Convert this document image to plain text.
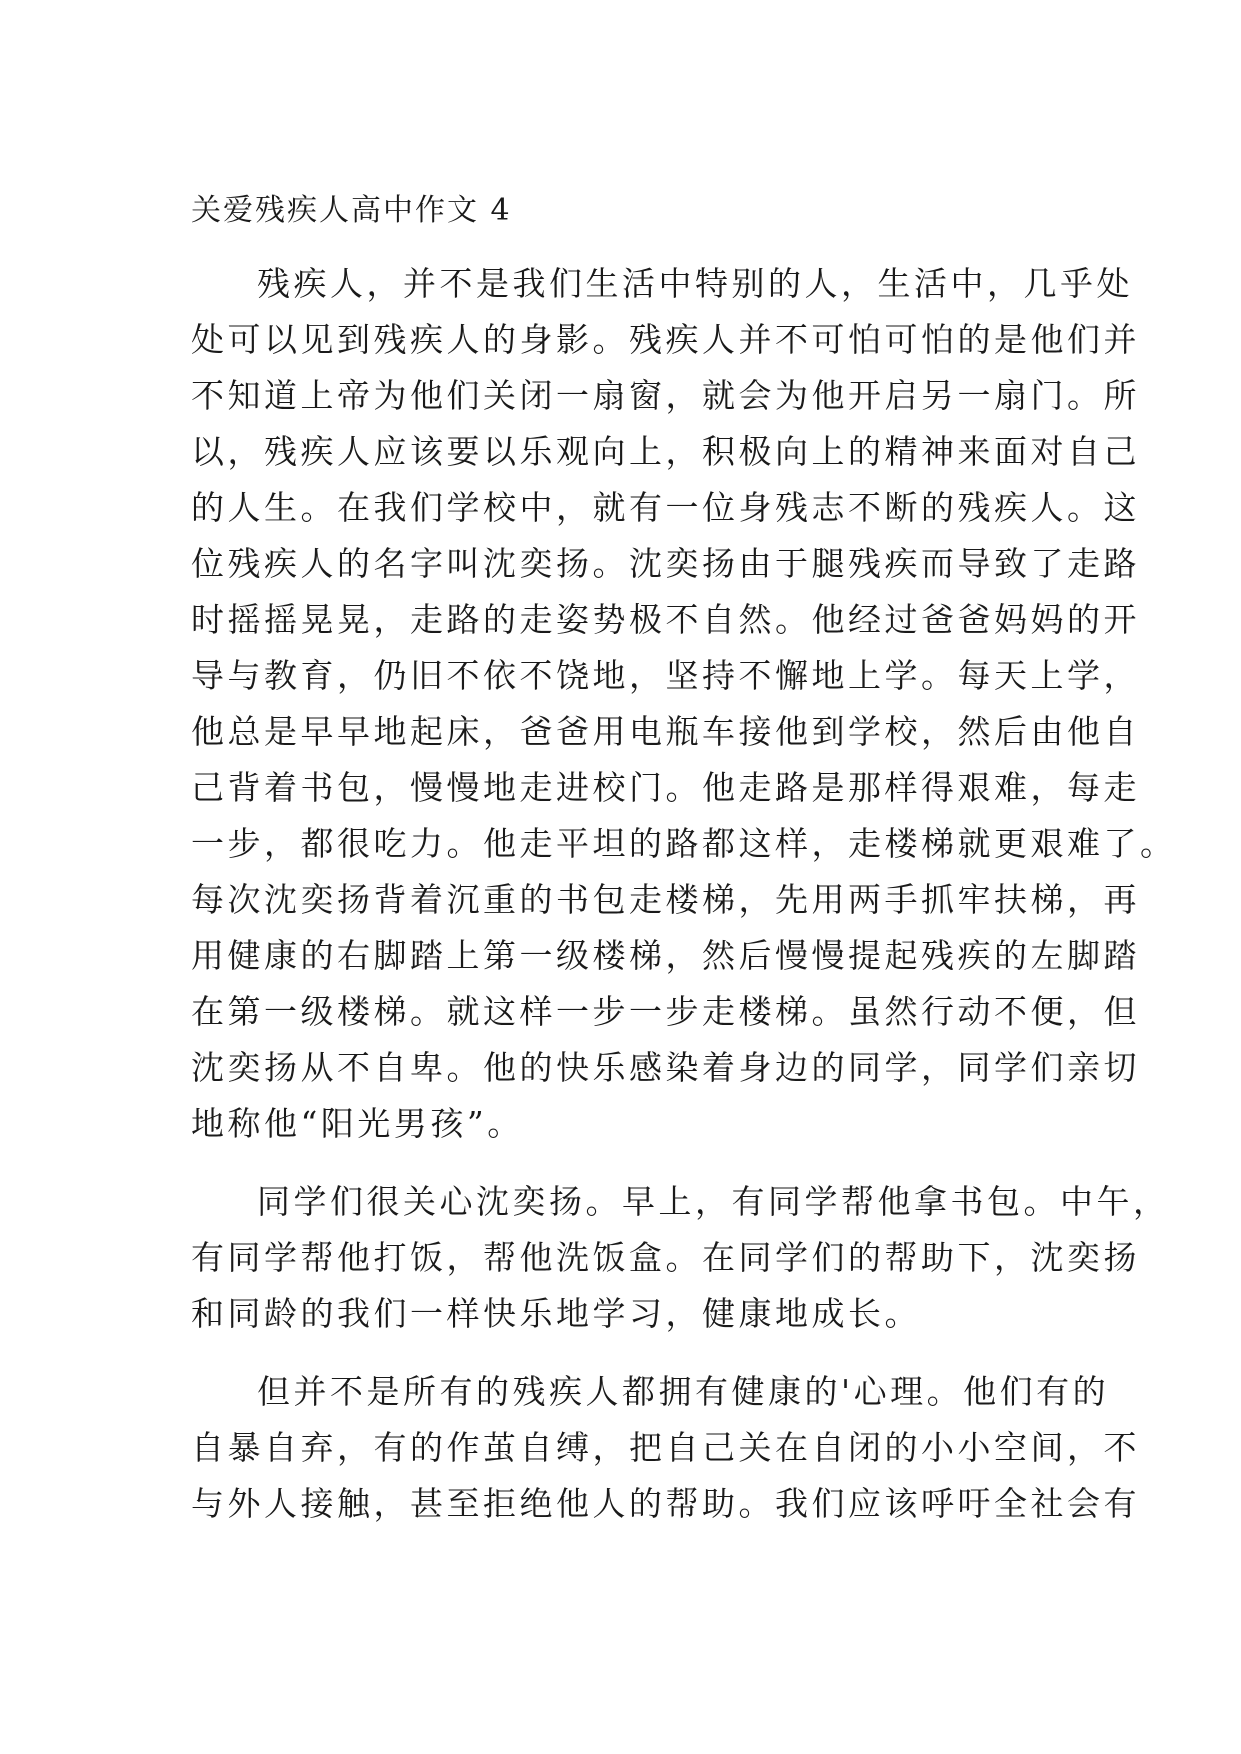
关爱残疾人高中作文 4
残疾人，并不是我们生活中特别的人，生活中，几乎处
处可以见到残疾人的身影。残疾人并不可怕可怕的是他们并
不知道上帝为他们关闭一扇窗，就会为他开启另一扇门。所
以，残疾人应该要以乐观向上，积极向上的精神来面对自己
的人生。在我们学校中，就有一位身残志不断的残疾人。这
位残疾人的名字叫沈奕扬。沈奕扬由于腿残疾而导致了走路
时摇摇晃晃，走路的走姿势极不自然。他经过爸爸妈妈的开
导与教育，仍旧不依不饶地，坚持不懈地上学。每天上学，
他总是早早地起床，爸爸用电瓶车接他到学校，然后由他自
己背着书包，慢慢地走进校门。他走路是那样得艰难，每走
一步，都很吃力。他走平坦的路都这样，走楼梯就更艰难了。
每次沈奕扬背着沉重的书包走楼梯，先用两手抓牢扶梯，再
用健康的右脚踏上第一级楼梯，然后慢慢提起残疾的左脚踏
在第一级楼梯。就这样一步一步走楼梯。虽然行动不便，但
沈奕扬从不自卑。他的快乐感染着身边的同学，同学们亲切
地称他“阳光男孩”。
同学们很关心沈奕扬。早上，有同学帮他拿书包。中午，
有同学帮他打饭，帮他洗饭盒。在同学们的帮助下，沈奕扬
和同龄的我们一样快乐地学习，健康地成长。
但并不是所有的残疾人都拥有健康的'心理。他们有的
自暴自弃，有的作茧自缚，把自己关在自闭的小小空间，不
与外人接触，甚至拒绝他人的帮助。我们应该呼吁全社会有
